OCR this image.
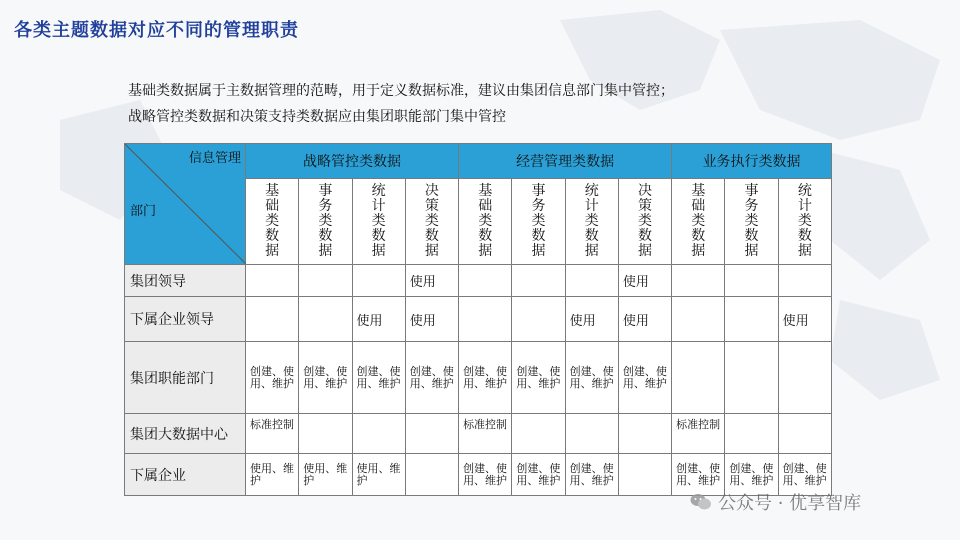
各类主题数据对应不同的管理职责

基础类数据属于主数据管理的范畴，用于定义数据标准，建议由集团信息部门集中管控；

战略管控类数据和决策支持类数据应由集团职能部门集中管控

信息管理
部门	战略管控类数据				经营管理类数据				业务执行类数据		
	基础类数据	事务类数据	统计类数据	决策类数据	基础类数据	事务类数据	统计类数据	决策类数据	基础类数据	事务类数据	统计类数据
集团领导				使用				使用			
下属企业领导			使用	使用			使用	使用			使用
集团职能部门	创建、使用、维护	创建、使用、维护	创建、使用、维护	创建、使用、维护	创建、使用、维护	创建、使用、维护	创建、使用、维护	创建、使用、维护			
集团大数据中心	标准控制				标准控制				标准控制		
下属企业	使用、维护	使用、维护	使用、维护		创建、使用、维护	创建、使用、维护	创建、使用、维护		创建、使用、维护	创建、使用、维护	创建、使用、维护
公众号 · 优享智库
